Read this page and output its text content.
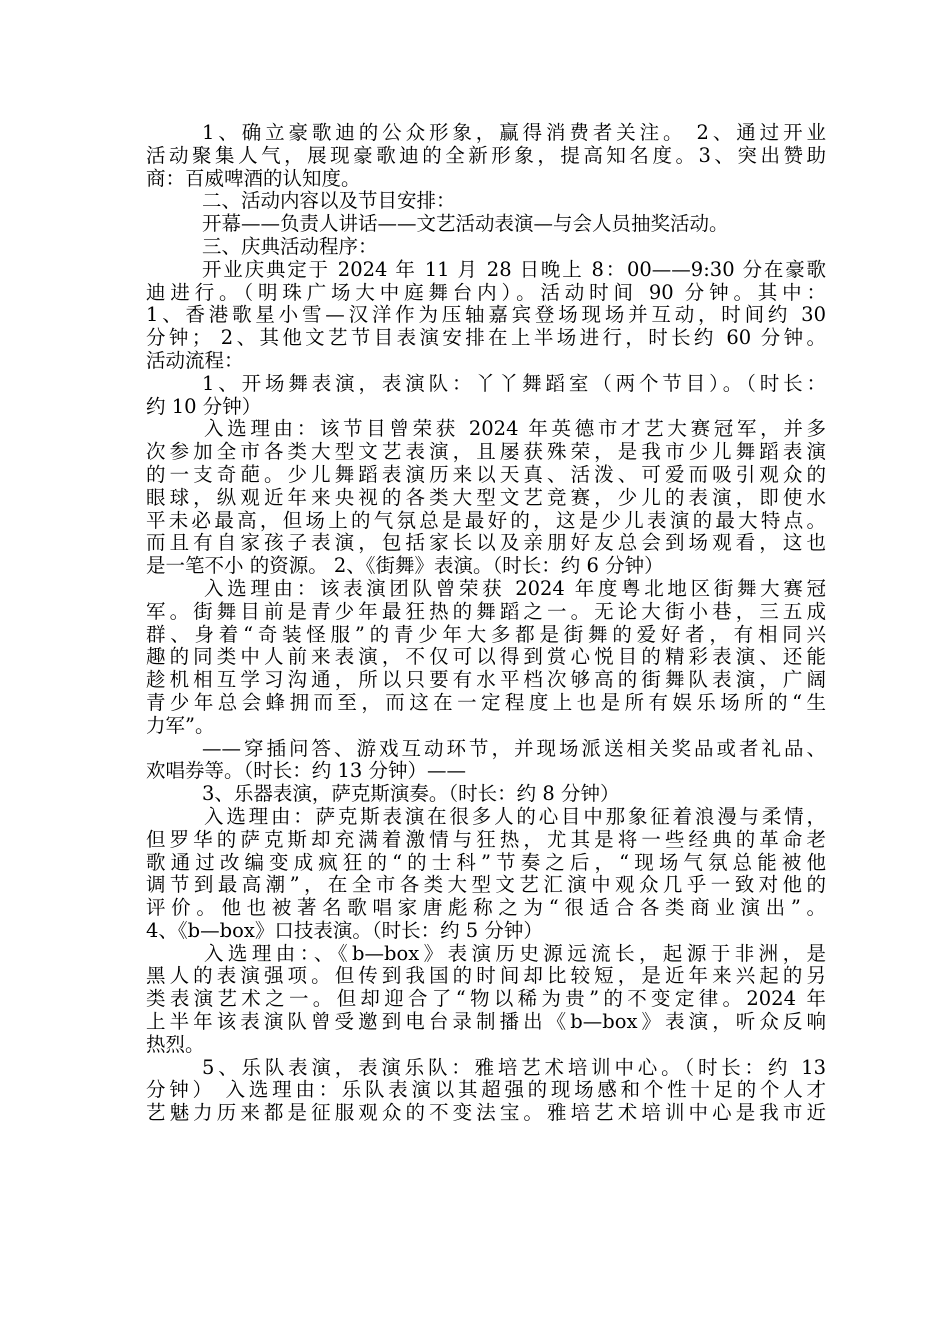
1、确立豪歌迪的公众形象，赢得消费者关注。 2、通过开业
活动聚集人气，展现豪歌迪的全新形象，提高知名度。3、突出赞助
商：百威啤酒的认知度。
二、活动内容以及节目安排：
开幕——负责人讲话——文艺活动表演—与会人员抽奖活动。
三、庆典活动程序：
开业庆典定于 2024 年 11 月 28 日晚上 8：00——9:30 分在豪歌
迪进行。（明珠广场大中庭舞台内）。活动时间 90 分钟。其中：
1、香港歌星小雪—汉洋作为压轴嘉宾登场现场并互动，时间约 30
分钟； 2、其他文艺节目表演安排在上半场进行，时长约 60 分钟。
活动流程：
1、开场舞表演，表演队：丫丫舞蹈室（两个节目）。（时长：
约 10 分钟）
入选理由：该节目曾荣获 2024 年英德市才艺大赛冠军，并多
次参加全市各类大型文艺表演，且屡获殊荣，是我市少儿舞蹈表演
的一支奇葩。少儿舞蹈表演历来以天真、活泼、可爱而吸引观众的
眼球，纵观近年来央视的各类大型文艺竞赛，少儿的表演，即使水
平未必最高，但场上的气氛总是最好的，这是少儿表演的最大特点。
而且有自家孩子表演，包括家长以及亲朋好友总会到场观看，这也
是一笔不小 的资源。 2、《街舞》表演。（时长：约 6 分钟）
入选理由：该表演团队曾荣获 2024 年度粤北地区街舞大赛冠
军。街舞目前是青少年最狂热的舞蹈之一。无论大街小巷，三五成
群、身着“奇装怪服”的青少年大多都是街舞的爱好者，有相同兴
趣的同类中人前来表演，不仅可以得到赏心悦目的精彩表演、还能
趁机相互学习沟通，所以只要有水平档次够高的街舞队表演，广阔
青少年总会蜂拥而至，而这在一定程度上也是所有娱乐场所的“生
力军”。
——穿插问答、游戏互动环节，并现场派送相关奖品或者礼品、
欢唱券等。（时长：约 13 分钟）——
3、乐器表演，萨克斯演奏。（时长：约 8 分钟）
入选理由：萨克斯表演在很多人的心目中那象征着浪漫与柔情，
但罗华的萨克斯却充满着激情与狂热，尤其是将一些经典的革命老
歌通过改编变成疯狂的“的士科”节奏之后，“现场气氛总能被他
调节到最高潮”，在全市各类大型文艺汇演中观众几乎一致对他的
评价。他也被著名歌唱家唐彪称之为“很适合各类商业演出”。
4、《b—box》口技表演。（时长：约 5 分钟）
入选理由：、《b—box》表演历史源远流长，起源于非洲，是
黑人的表演强项。但传到我国的时间却比较短，是近年来兴起的另
类表演艺术之一。但却迎合了“物以稀为贵”的不变定律。2024 年
上半年该表演队曾受邀到电台录制播出《b—box》表演，听众反响
热烈。
5、乐队表演，表演乐队：雅培艺术培训中心。（时长：约 13
分钟） 入选理由：乐队表演以其超强的现场感和个性十足的个人才
艺魅力历来都是征服观众的不变法宝。雅培艺术培训中心是我市近
